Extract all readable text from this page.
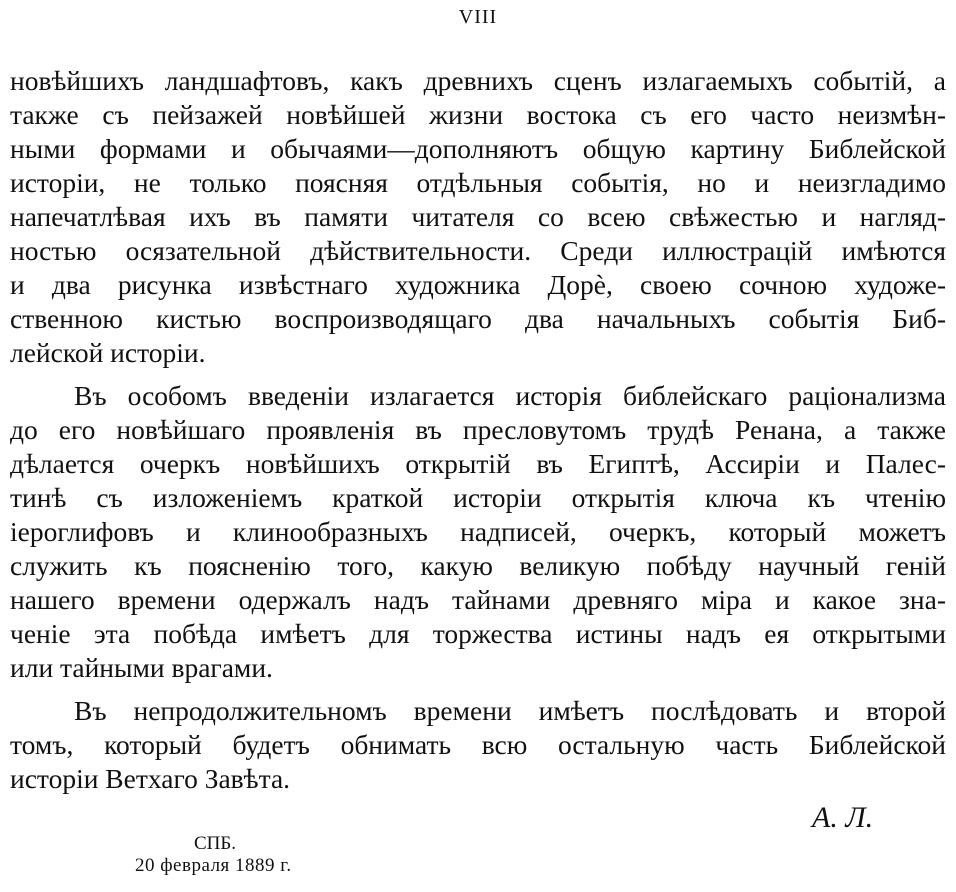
VIII
новѣйшихъ ландшафтовъ, какъ древнихъ сценъ излагаемыхъ событій, а
также съ пейзажей новѣйшей жизни востока съ его часто неизмѣн-
ными формами и обычаями—дополняютъ общую картину Библейской
исторіи, не только поясняя отдѣльныя событія, но и неизгладимо
напечатлѣвая ихъ въ памяти читателя со всею свѣжестью и нагляд-
ностью осязательной дѣйствительности. Среди иллюстрацій имѣются
и два рисунка извѣстнаго художника Дорѐ, своею сочною художе-
ственною кистью воспроизводящаго два начальныхъ событія Биб-
лейской исторіи.
Въ особомъ введеніи излагается исторія библейскаго раціонализма
до его новѣйшаго проявленія въ пресловутомъ трудѣ Ренана, а также
дѣлается очеркъ новѣйшихъ открытій въ Египтѣ, Ассиріи и Палес-
тинѣ съ изложеніемъ краткой исторіи открытія ключа къ чтенію
іероглифовъ и клинообразныхъ надписей, очеркъ, который можетъ
служить къ поясненію того, какую великую побѣду научный геній
нашего времени одержалъ надъ тайнами древняго міра и какое зна-
ченіе эта побѣда имѣетъ для торжества истины надъ ея открытыми
или тайными врагами.
Въ непродолжительномъ времени имѣетъ послѣдовать и второй
томъ, который будетъ обнимать всю остальную часть Библейской
исторіи Ветхаго Завѣта.
А. Л.
СПБ.
20 февраля 1889 г.
